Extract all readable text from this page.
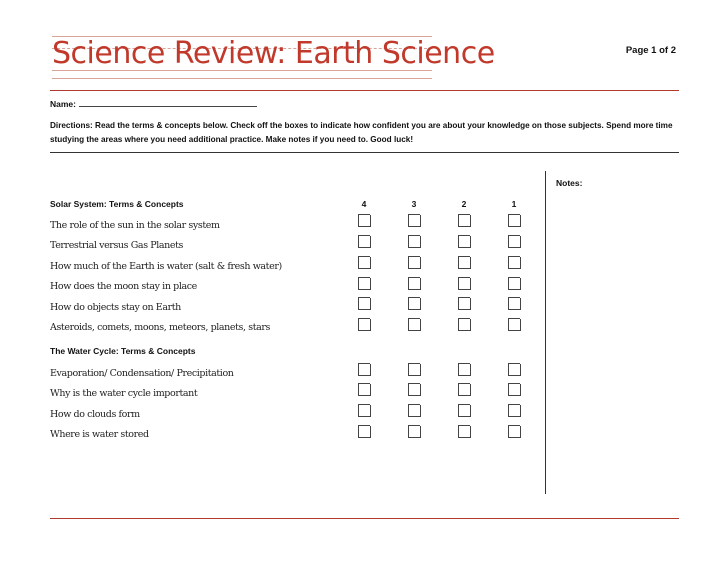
Science Review: Earth Science	Page 1 of 2
Name:
Directions: Read the terms & concepts below. Check off the boxes to indicate how confident you are about your knowledge on those subjects. Spend more time studying the areas where you need additional practice. Make notes if you need to. Good luck!
Notes:
Solar System: Terms & Concepts	4	3	2	1
The role of the sun in the solar system
Terrestrial versus Gas Planets
How much of the Earth is water (salt & fresh water)
How does the moon stay in place
How do objects stay on Earth
Asteroids, comets, moons, meteors, planets, stars
The Water Cycle: Terms & Concepts
Evaporation/ Condensation/ Precipitation
Why is the water cycle important
How do clouds form
Where is water stored
